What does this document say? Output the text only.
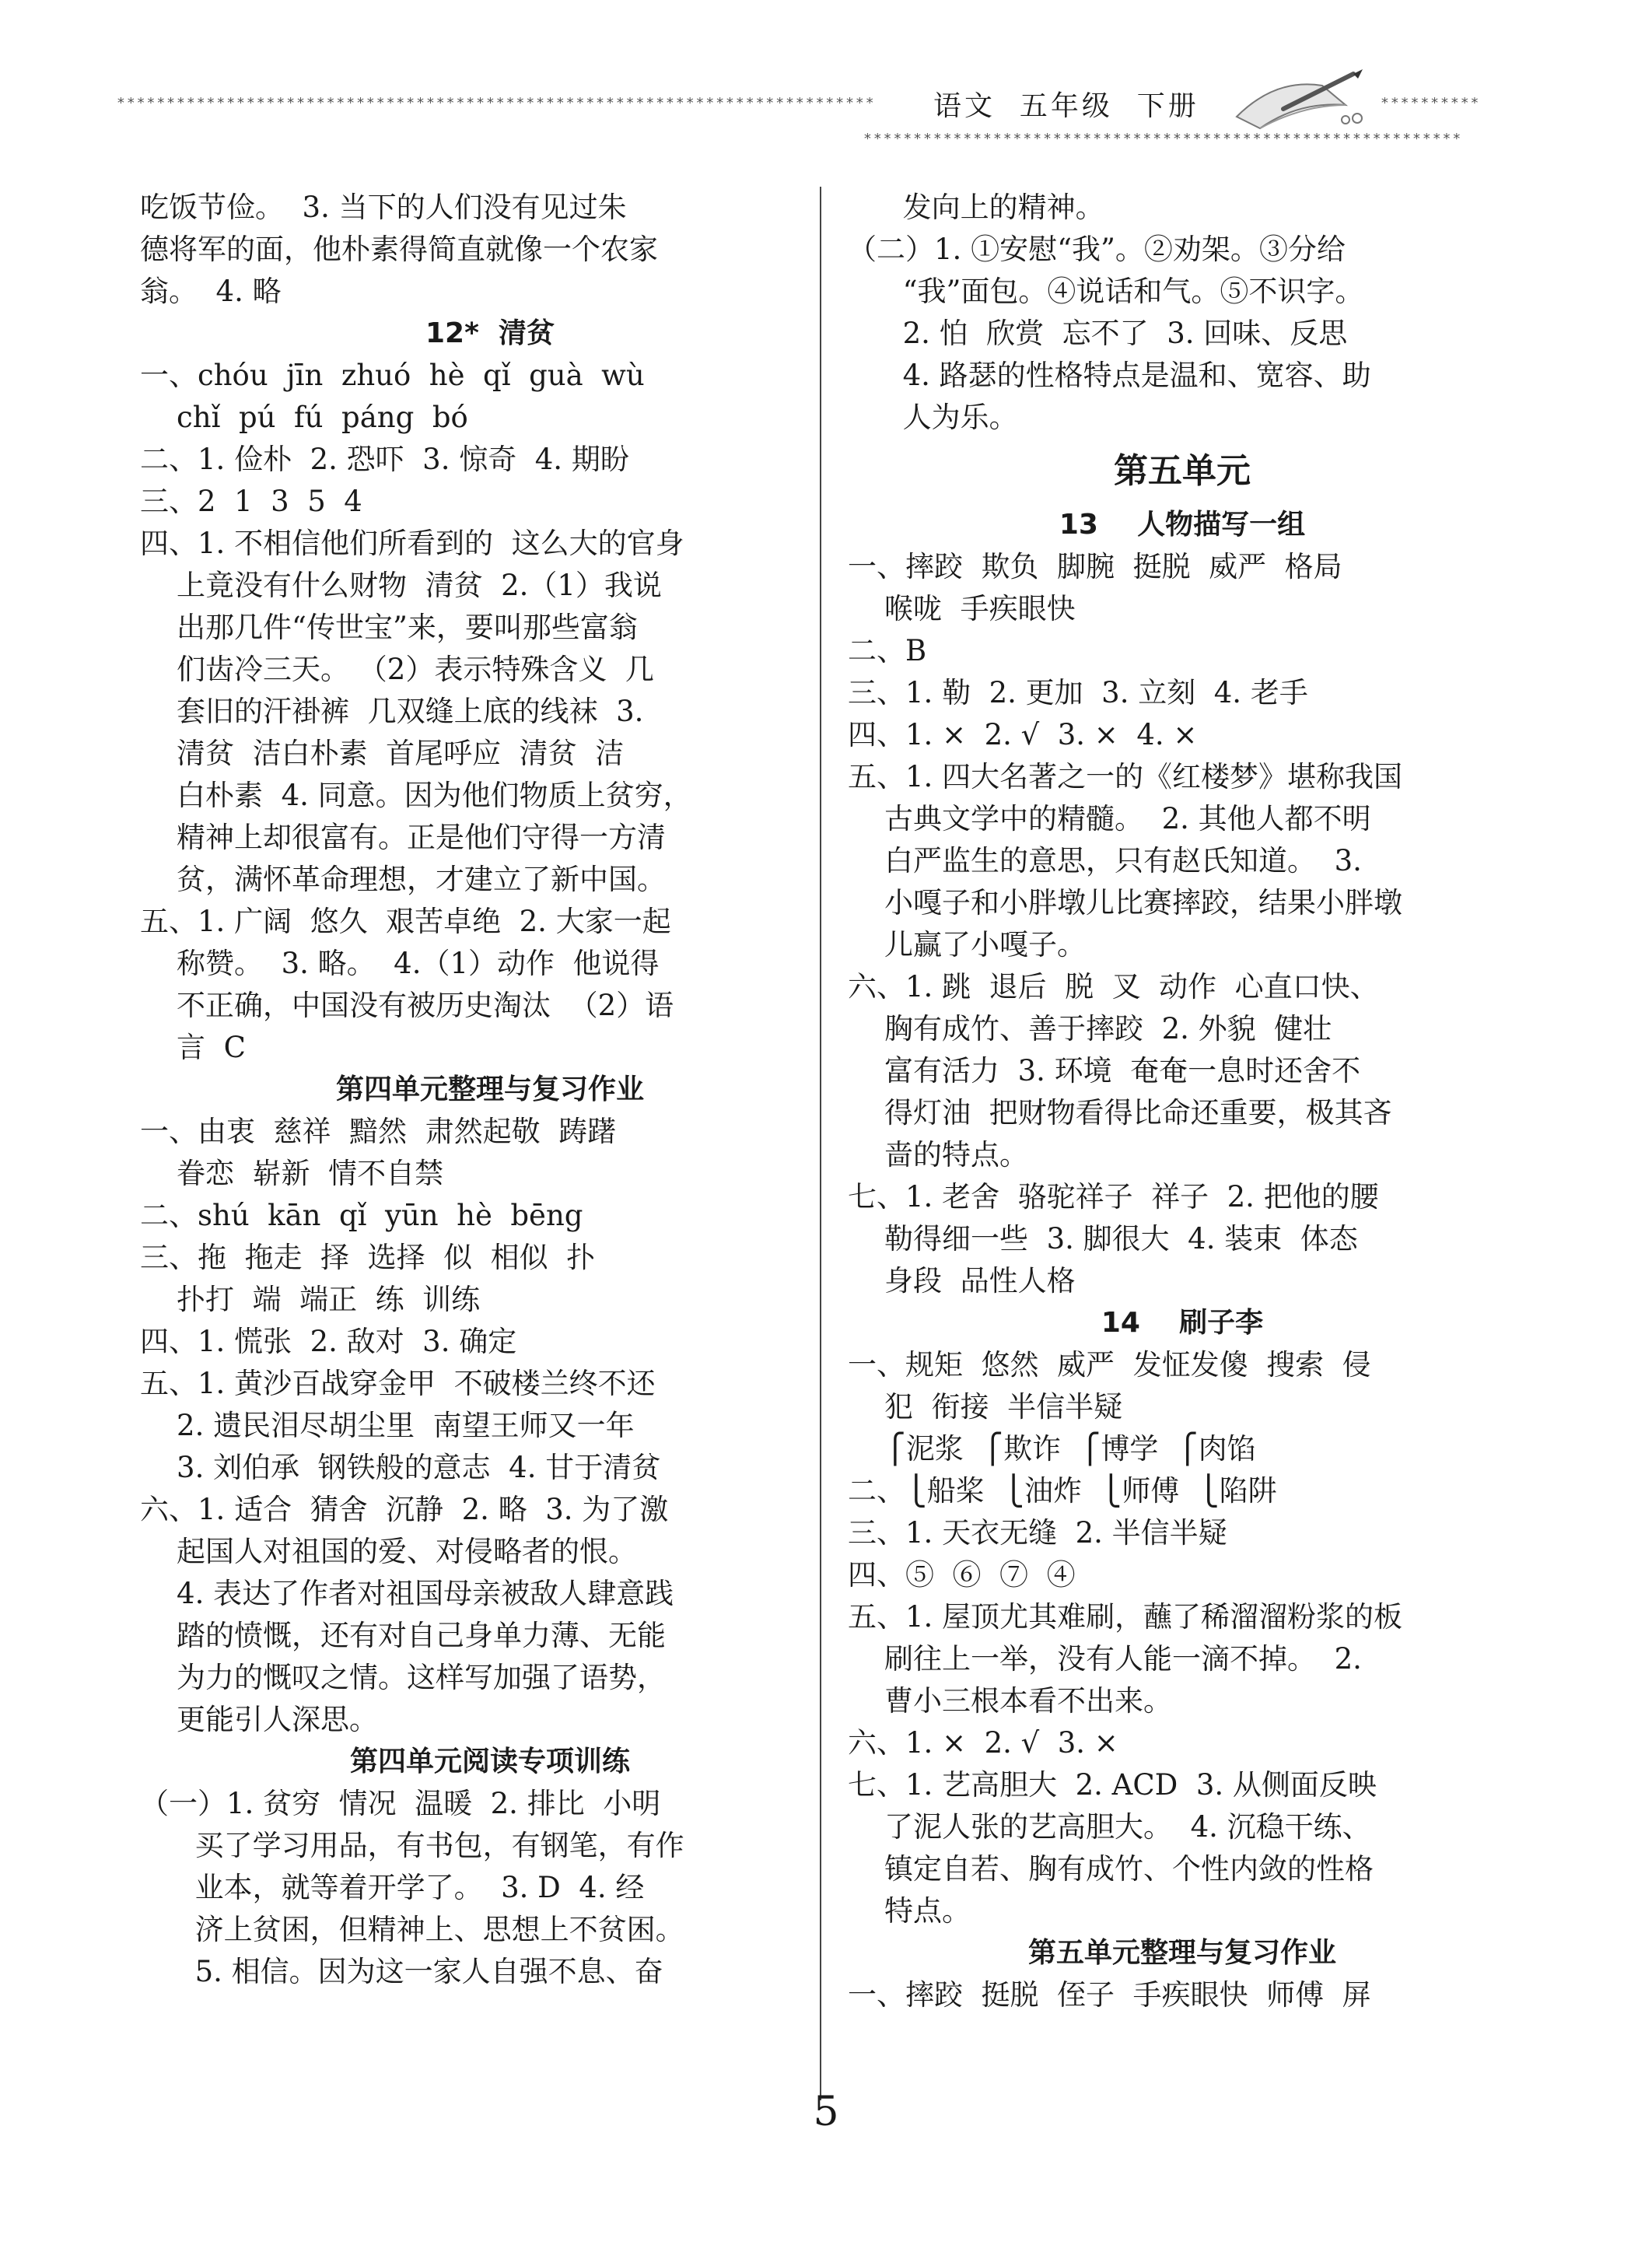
****************************************************************************	**********
************************************************************
语文  五年级  下册
吃饭节俭。  3. 当下的人们没有见过朱
德将军的面，他朴素得简直就像一个农家
翁。  4. 略
12*  清贫
一、chóu  jīn  zhuó  hè  qǐ  guà  wù
chǐ  pú  fú  páng  bó
二、1. 俭朴  2. 恐吓  3. 惊奇  4. 期盼
三、2  1  3  5  4
四、1. 不相信他们所看到的  这么大的官身
上竟没有什么财物  清贫  2.（1）我说
出那几件“传世宝”来，要叫那些富翁
们齿冷三天。 （2）表示特殊含义  几
套旧的汗褂裤  几双缝上底的线袜  3.
清贫  洁白朴素  首尾呼应  清贫  洁
白朴素  4. 同意。因为他们物质上贫穷，
精神上却很富有。正是他们守得一方清
贫，满怀革命理想，才建立了新中国。
五、1. 广阔  悠久  艰苦卓绝  2. 大家一起
称赞。  3. 略。  4.（1）动作  他说得
不正确，中国没有被历史淘汰  （2）语
言  C
第四单元整理与复习作业
一、由衷  慈祥  黯然  肃然起敬  踌躇
眷恋  崭新  情不自禁
二、shú  kān  qǐ  yūn  hè  bēng
三、拖  拖走  择  选择  似  相似  扑
扑打  端  端正  练  训练
四、1. 慌张  2. 敌对  3. 确定
五、1. 黄沙百战穿金甲  不破楼兰终不还
2. 遗民泪尽胡尘里  南望王师又一年
3. 刘伯承  钢铁般的意志  4. 甘于清贫
六、1. 适合  猜舍  沉静  2. 略  3. 为了激
起国人对祖国的爱、对侵略者的恨。
4. 表达了作者对祖国母亲被敌人肆意践
踏的愤慨，还有对自己身单力薄、无能
为力的慨叹之情。这样写加强了语势，
更能引人深思。
第四单元阅读专项训练
（一）1. 贫穷  情况  温暖  2. 排比  小明
买了学习用品，有书包，有钢笔，有作
业本，就等着开学了。  3. D  4. 经
济上贫困，但精神上、思想上不贫困。
5. 相信。因为这一家人自强不息、奋
发向上的精神。
（二）1. ①安慰“我”。②劝架。③分给
“我”面包。④说话和气。⑤不识字。
2. 怕  欣赏  忘不了  3. 回味、反思
4. 路瑟的性格特点是温和、宽容、助
人为乐。
第五单元
13    人物描写一组
一、摔跤  欺负  脚腕  挺脱  威严  格局
喉咙  手疾眼快
二、B
三、1. 勒  2. 更加  3. 立刻  4. 老手
四、1. ×  2. √  3. ×  4. ×
五、1. 四大名著之一的《红楼梦》堪称我国
古典文学中的精髓。  2. 其他人都不明
白严监生的意思，只有赵氏知道。  3.
小嘎子和小胖墩儿比赛摔跤，结果小胖墩
儿赢了小嘎子。
六、1. 跳  退后  脱  叉  动作  心直口快、
胸有成竹、善于摔跤  2. 外貌  健壮
富有活力  3. 环境  奄奄一息时还舍不
得灯油  把财物看得比命还重要，极其吝
啬的特点。
七、1. 老舍  骆驼祥子  祥子  2. 把他的腰
勒得细一些  3. 脚很大  4. 装束  体态
身段  品性人格
14    刷子李
一、规矩  悠然  威严  发怔发傻  搜索  侵
犯  衔接  半信半疑
⎧泥浆  ⎧欺诈  ⎧博学  ⎧肉馅
二、⎩船桨  ⎩油炸  ⎩师傅  ⎩陷阱
三、1. 天衣无缝  2. 半信半疑
四、⑤  ⑥  ⑦  ④
五、1. 屋顶尤其难刷，蘸了稀溜溜粉浆的板
刷往上一举，没有人能一滴不掉。  2.
曹小三根本看不出来。
六、1. ×  2. √  3. ×
七、1. 艺高胆大  2. ACD  3. 从侧面反映
了泥人张的艺高胆大。  4. 沉稳干练、
镇定自若、胸有成竹、个性内敛的性格
特点。
第五单元整理与复习作业
一、摔跤  挺脱  侄子  手疾眼快  师傅  屏
5
